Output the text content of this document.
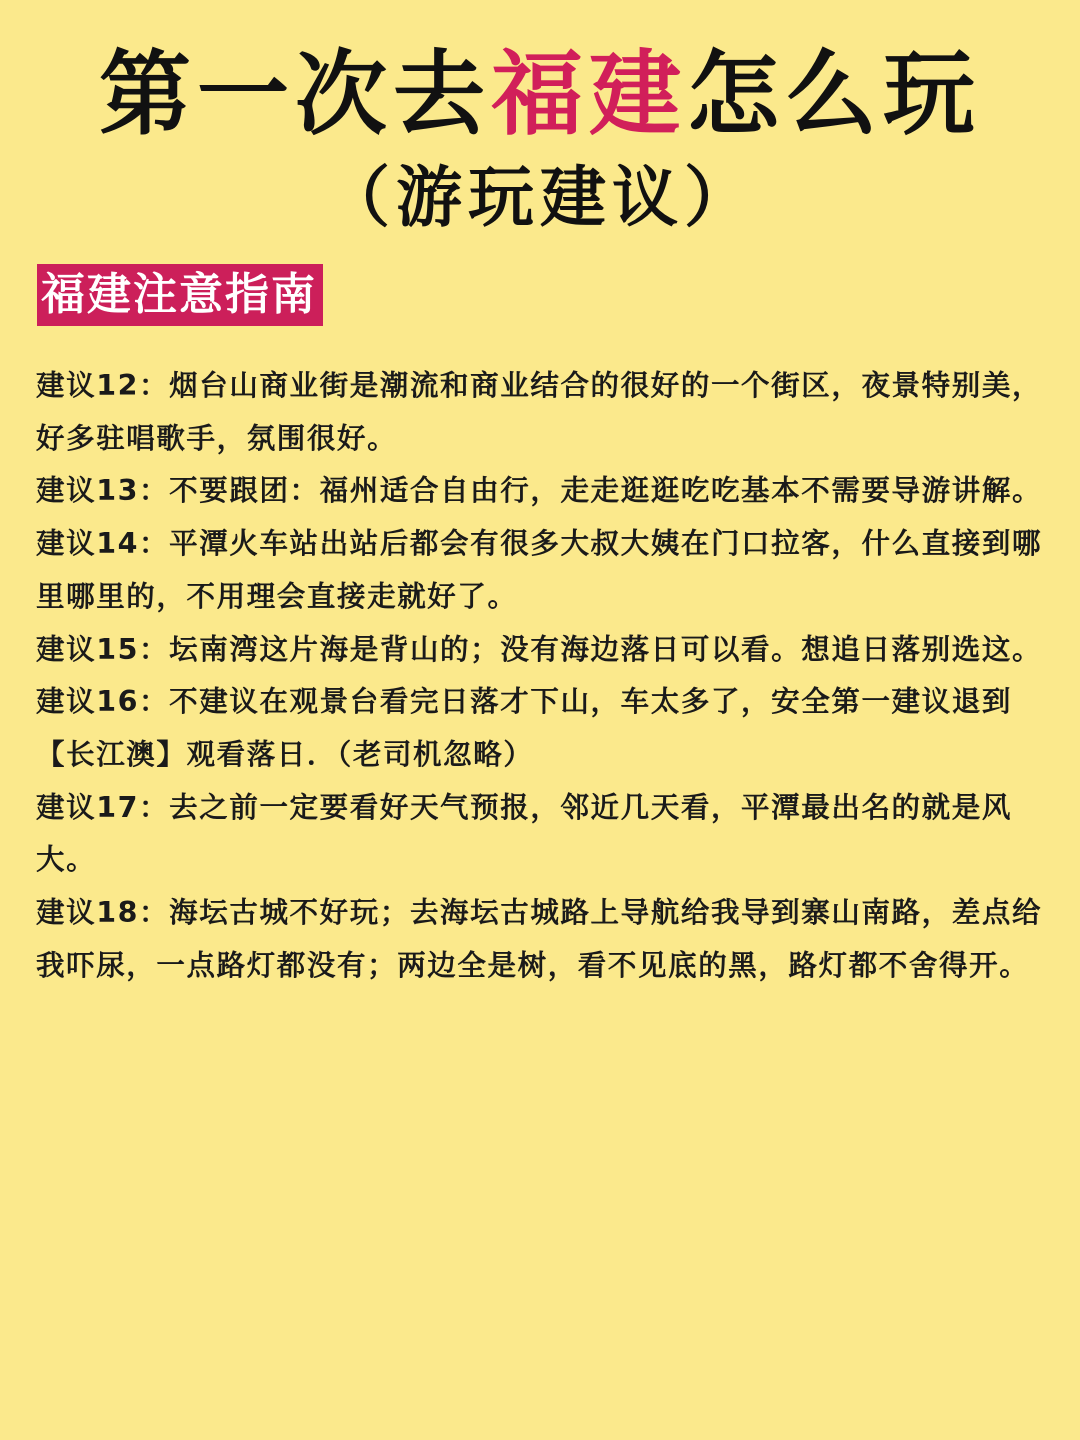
第一次去福建怎么玩
（游玩建议）
福建注意指南
建议12：烟台山商业街是潮流和商业结合的很好的一个街区，夜景特别美，好多驻唱歌手，氛围很好。
建议13：不要跟团：福州适合自由行，走走逛逛吃吃基本不需要导游讲解。
建议14：平潭火车站出站后都会有很多大叔大姨在门口拉客，什么直接到哪里哪里的，不用理会直接走就好了。
建议15：坛南湾这片海是背山的；没有海边落日可以看。想追日落别选这。
建议16：不建议在观景台看完日落才下山，车太多了，安全第一建议退到【长江澳】观看落日．（老司机忽略）
建议17：去之前一定要看好天气预报，邻近几天看，平潭最出名的就是风大。
建议18：海坛古城不好玩；去海坛古城路上导航给我导到寨山南路，差点给我吓尿，一点路灯都没有；两边全是树，看不见底的黑，路灯都不舍得开。
